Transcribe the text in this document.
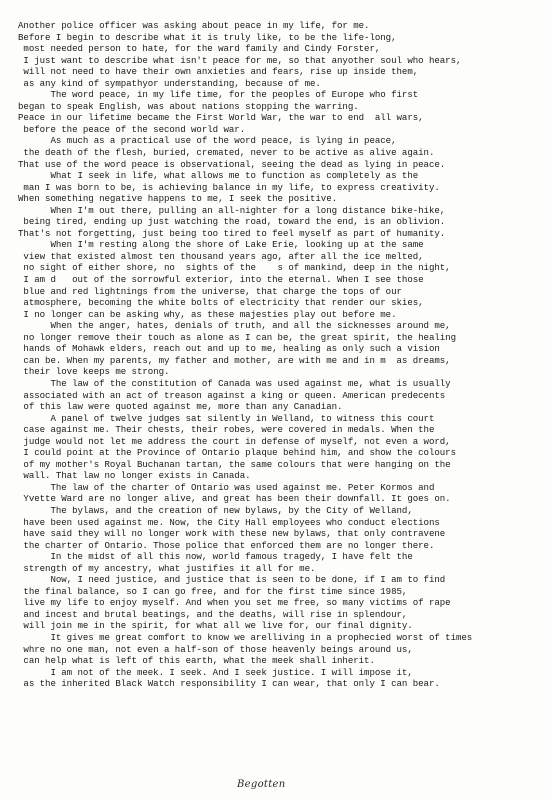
Another police officer was asking about peace in my life, for me.
Before I begin to describe what it is truly like, to be the life-long,
most needed person to hate, for the ward family and Cindy Forster,
I just want to describe what isn't peace for me, so that anyother soul who hears,
will not need to have their own anxieties and fears, rise up inside them,
as any kind of sympathyor understanding, because of me.
The word peace, in my life time, for the peoples of Europe who first
began to speak English, was about nations stopping the warring.
Peace in our lifetime became the First World War, the war to end  all wars,
before the peace of the second world war.
As much as a practical use of the word peace, is lying in peace,
the death of the flesh, buried, cremated, never to be active as alive again.
That use of the word peace is observational, seeing the dead as lying in peace.
What I seek in life, what allows me to function as completely as the
man I was born to be, is achieving balance in my life, to express creativity.
When something negative happens to me, I seek the positive.
When I'm out there, pulling an all-nighter for a long distance bike-hike,
being tired, ending up just watching the road, toward the end, is an oblivion.
That's not forgetting, just being too tired to feel myself as part of humanity.
When I'm resting along the shore of Lake Erie, looking up at the same
view that existed almost ten thousand years ago, after all the ice melted,
no sight of either shore, no  sights of the    s of mankind, deep in the night,
I am d   out of the sorrowful exterior, into the eternal. When I see those
blue and red lightnings from the universe, that charge the tops of our
atmosphere, becoming the white bolts of electricity that render our skies,
I no longer can be asking why, as these majesties play out before me.
When the anger, hates, denials of truth, and all the sicknesses around me,
no longer remove their touch as alone as I can be, the great spirit, the healing
hands of Mohawk elders, reach out and up to me, healing as only such a vision
can be. When my parents, my father and mother, are with me and in m  as dreams,
their love keeps me strong.
The law of the constitution of Canada was used against me, what is usually
associated with an act of treason against a king or queen. American predecents
of this law were quoted against me, more than any Canadian.
A panel of twelve judges sat silently in Welland, to witness this court
case against me. Their chests, their robes, were covered in medals. When the
judge would not let me address the court in defense of myself, not even a word,
I could point at the Province of Ontario plaque behind him, and show the colours
of my mother's Royal Buchanan tartan, the same colours that were hanging on the
wall. That law no longer exists in Canada.
The law of the charter of Ontario was used against me. Peter Kormos and
Yvette Ward are no longer alive, and great has been their downfall. It goes on.
The bylaws, and the creation of new bylaws, by the City of Welland,
have been used against me. Now, the City Hall employees who conduct elections
have said they will no longer work with these new bylaws, that only contravene
the charter of Ontario. Those police that enforced them are no longer there.
In the midst of all this now, world famous tragedy, I have felt the
strength of my ancestry, what justifies it all for me.
Now, I need justice, and justice that is seen to be done, if I am to find
the final balance, so I can go free, and for the first time since 1985,
live my life to enjoy myself. And when you set me free, so many victims of rape
and incest and brutal beatings, and the deaths, will rise in splendour,
will join me in the spirit, for what all we live for, our final dignity.
It gives me great comfort to know we arelliving in a prophecied worst of times
whre no one man, not even a half-son of those heavenly beings around us,
can help what is left of this earth, what the meek shall inherit.
I am not of the meek. I seek. And I seek justice. I will impose it,
as the inherited Black Watch responsibility I can wear, that only I can bear.
Begotten
